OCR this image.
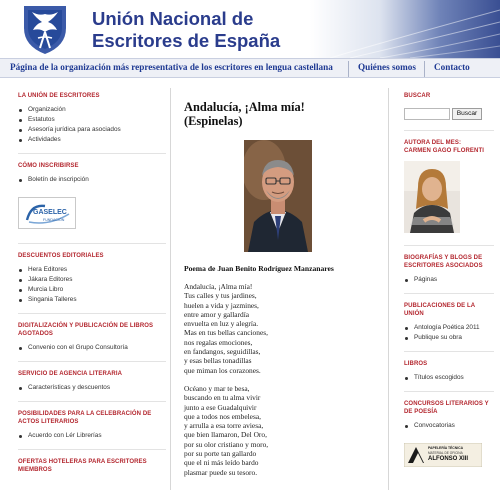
Unión Nacional de
Escritores de España
Página de la organización más representativa de los escritores en lengua castellana	Quiénes somos Contacto
LA UNIÓN DE ESCRITORES
Organización
Estatutos
Asesoría jurídica para asociados
Actividades
CÓMO INSCRIBIRSE
Boletín de inscripción
GASELEC
FUNDACIÓN
DESCUENTOS EDITORIALES
Hera Editores
Jákara Editores
Murcia Libro
Singania Talleres
DIGITALIZACIÓN Y PUBLICACIÓN DE LIBROS AGOTADOS
Convenio con el Grupo Consultoría
SERVICIO DE AGENCIA LITERARIA
Características y descuentos
POSIBILIDADES PARA LA CELEBRACIÓN DE ACTOS LITERARIOS
Acuerdo con Lér Librerías
OFERTAS HOTELERAS PARA ESCRITORES MIEMBROS
Andalucía, ¡Alma mía!
(Espinelas)
Poema de Juan Benito Rodríguez Manzanares
Andalucía, ¡Alma mía!
Tus calles y tus jardines,
huelen a vida y jazmines,
entre amor y gallardía
envuelta en luz y alegría.
Mas en tus bellas canciones,
nos regalas emociones,
en fandangos, seguidillas,
y esas bellas tonadillas
que miman los corazones.
Océano y mar te besa,
buscando en tu alma vivir
junto a ese Guadalquivir
que a todos nos embelesa,
y arrulla a esa torre aviesa,
que bien llamaron, Del Oro,
por su olor cristiano y moro,
por su porte tan gallardo
que el ni más leído bardo
plasmar puede su tesoro.
BUSCAR
Buscar
AUTORA DEL MES:
CARMEN GAGO FLORENTI
BIOGRAFÍAS Y BLOGS DE ESCRITORES ASOCIADOS
Páginas
PUBLICACIONES DE LA UNIÓN
Antología Poética 2011
Publique su obra
LIBROS
Títulos escogidos
CONCURSOS LITERARIOS Y DE POESÍA
Convocatorias
PAPELERÍA TÉCNICA
MATERIAL DE OFICINA
ALFONSO XIII
